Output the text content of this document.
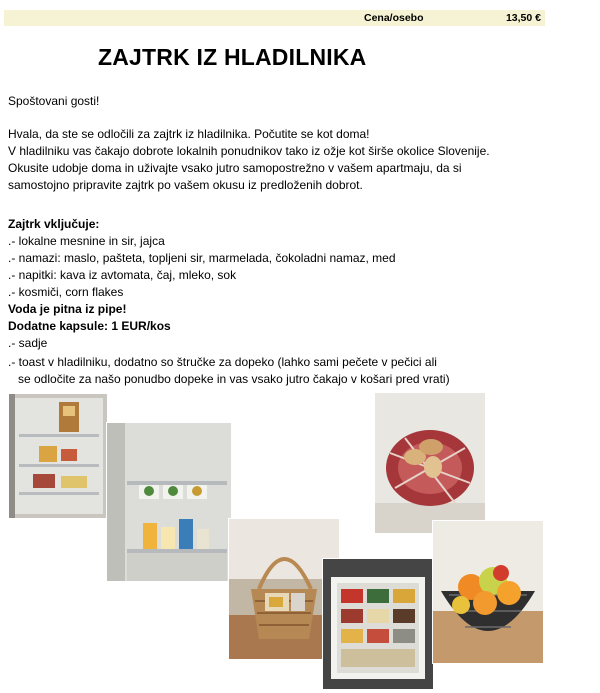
Cena/osebo	13,50 €
ZAJTRK IZ HLADILNIKA
Spoštovani gosti!
Hvala, da ste se odločili za zajtrk iz hladilnika. Počutite se kot doma!
V hladilniku vas čakajo dobrote lokalnih ponudnikov tako iz ožje kot širše okolice Slovenije.
Okusite udobje doma in uživajte vsako jutro samopostrežno v vašem apartmaju, da si
samostojno pripravite zajtrk po vašem okusu iz predloženih dobrot.
Zajtrk vključuje:
.- lokalne mesnine in sir, jajca
.- namazi: maslo, pašteta, topljeni sir, marmelada, čokoladni namaz, med
.- napitki: kava iz avtomata, čaj, mleko, sok
.- kosmiči, corn flakes
Voda je pitna iz pipe!
Dodatne kapsule: 1 EUR/kos
.- sadje
.- toast v hladilniku, dodatno so štručke za dopeko (lahko sami pečete v pečici ali
se odločite za našo ponudbo dopeke in vas vsako jutro čakajo v košari pred vrati)
